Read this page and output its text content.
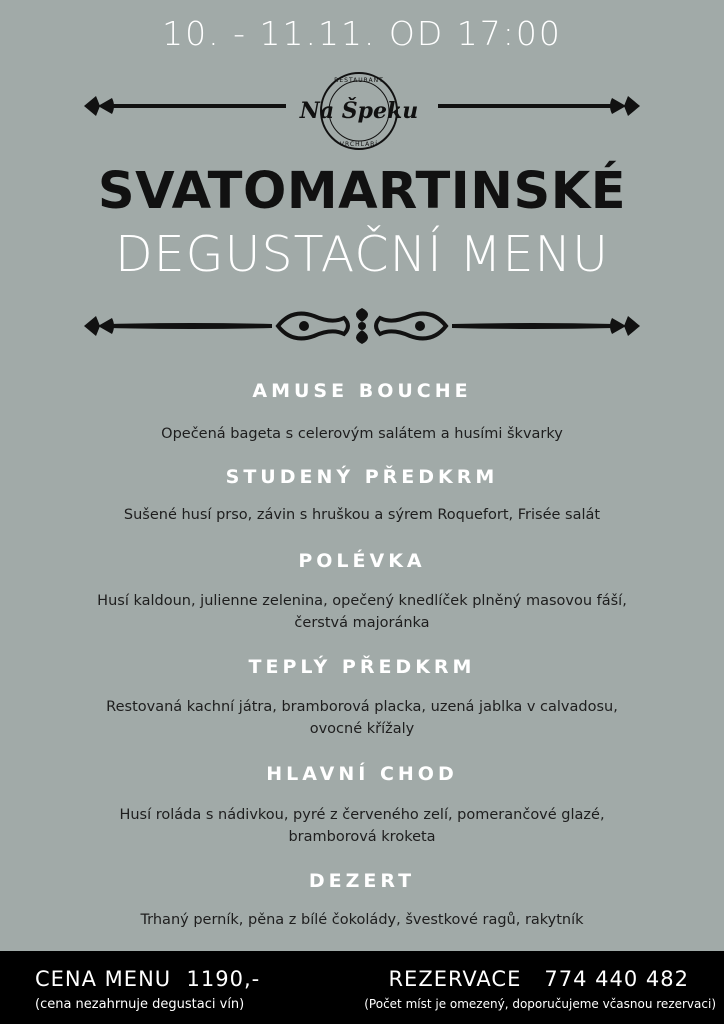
10. - 11.11. OD 17:00
Na Špeku
RESTAURANT
VRCHLABÍ
SVATOMARTINSKÉ
DEGUSTAČNÍ MENU
AMUSE BOUCHE

Opečená bageta s celerovým salátem a husími škvarky

STUDENÝ PŘEDKRM

Sušené husí prso, závin s hruškou a sýrem Roquefort, Frisée salát

POLÉVKA

Husí kaldoun, julienne zelenina, opečený knedlíček plněný masovou fáší,

čerstvá majoránka

TEPLÝ PŘEDKRM

Restovaná kachní játra, bramborová placka, uzená jablka v calvadosu,

ovocné křížaly

HLAVNÍ CHOD

Husí roláda s nádivkou, pyré z červeného zelí, pomerančové glazé,

bramborová kroketa

DEZERT

Trhaný perník, pěna z bílé čokolády, švestkové ragů, rakytník

CENA MENU  1190,-
(cena nezahrnuje degustaci vín)
REZERVACE   774 440 482
(Počet míst je omezený, doporučujeme včasnou rezervaci)
